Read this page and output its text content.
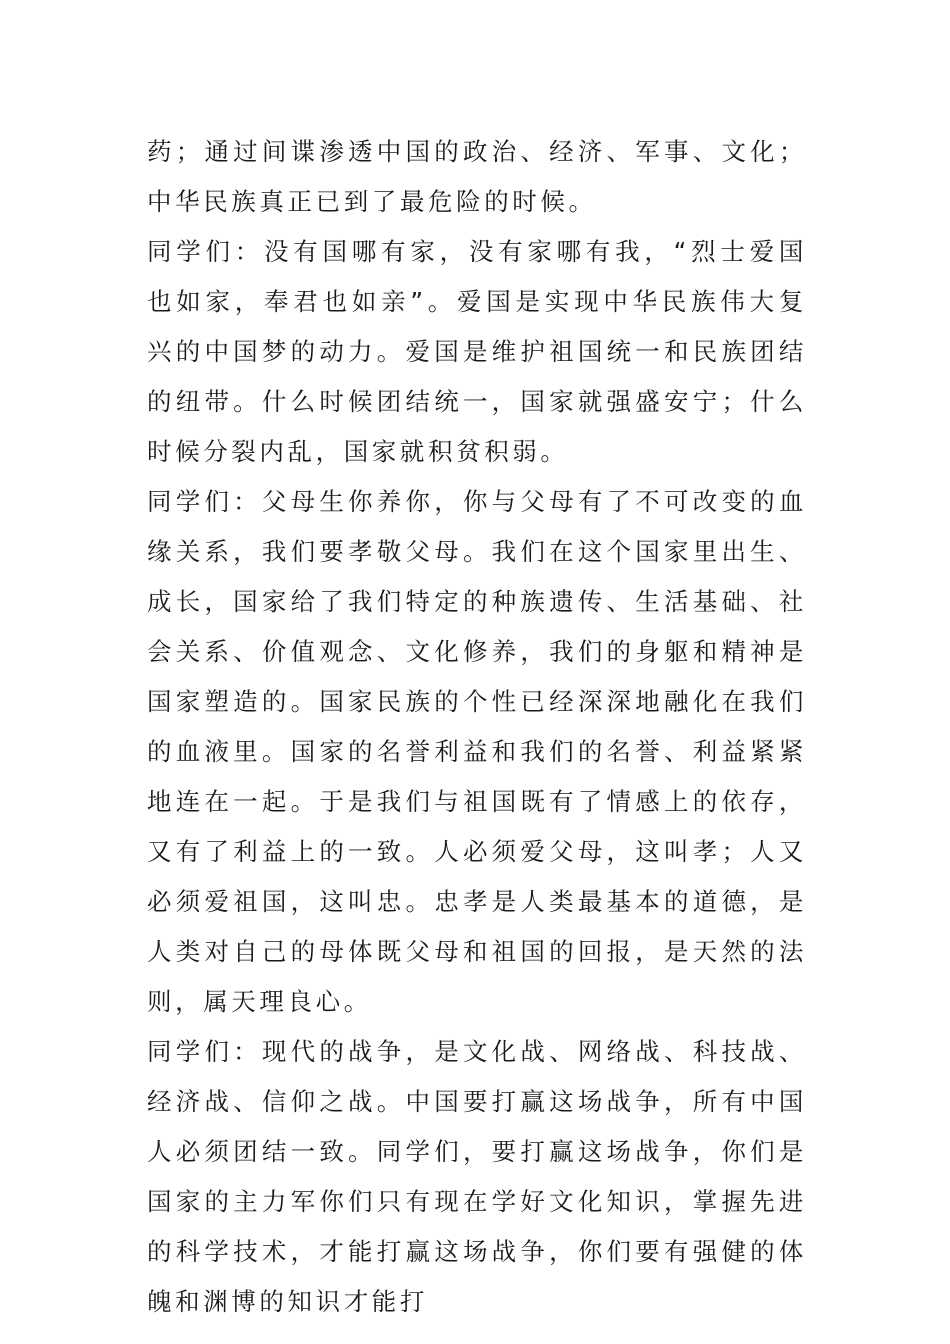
药；通过间谍渗透中国的政治、经济、军事、文化；中华民族真正已到了最危险的时候。

同学们：没有国哪有家，没有家哪有我，“烈士爱国也如家，奉君也如亲”。爱国是实现中华民族伟大复兴的中国梦的动力。爱国是维护祖国统一和民族团结的纽带。什么时候团结统一，国家就强盛安宁；什么时候分裂内乱，国家就积贫积弱。

同学们：父母生你养你，你与父母有了不可改变的血缘关系，我们要孝敬父母。我们在这个国家里出生、成长，国家给了我们特定的种族遗传、生活基础、社会关系、价值观念、文化修养，我们的身躯和精神是国家塑造的。国家民族的个性已经深深地融化在我们的血液里。国家的名誉利益和我们的名誉、利益紧紧地连在一起。于是我们与祖国既有了情感上的依存，又有了利益上的一致。人必须爱父母，这叫孝；人又必须爱祖国，这叫忠。忠孝是人类最基本的道德，是人类对自己的母体既父母和祖国的回报，是天然的法则，属天理良心。

同学们：现代的战争，是文化战、网络战、科技战、经济战、信仰之战。中国要打赢这场战争，所有中国人必须团结一致。同学们，要打赢这场战争，你们是国家的主力军你们只有现在学好文化知识，掌握先进的科学技术，才能打赢这场战争，你们要有强健的体魄和渊博的知识才能打
